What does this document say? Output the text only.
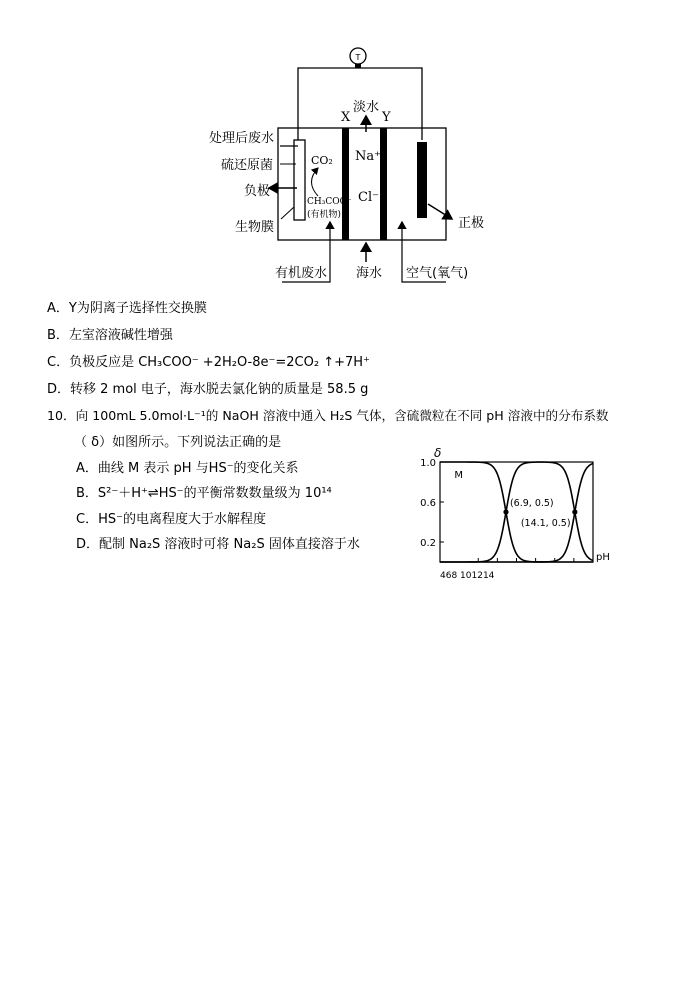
T
X Y
淡水
处理后废水
硫还原菌
负极
生物膜
CO₂
CH₃COO⁻
(有机物)
Na⁺
Cl⁻
正极
有机废水 海水 空气(氧气)
A．Y为阴离子选择性交换膜
B．左室溶液碱性增强
C．负极反应是 CH₃COO⁻ +2H₂O-8e⁻=2CO₂ ↑+7H⁺
D．转移 2 mol 电子，海水脱去氯化钠的质量是 58.5 g
10．向 100mL 5.0mol·L⁻¹的 NaOH 溶液中通入 H₂S 气体，含硫微粒在不同 pH 溶液中的分布系数
（ δ）如图所示。下列说法正确的是
A．曲线 M 表示 pH 与HS⁻的变化关系
B．S²⁻＋H⁺⇌HS⁻的平衡常数数量级为 10¹⁴
C．HS⁻的电离程度大于水解程度
D．配制 Na₂S 溶液时可将 Na₂S 固体直接溶于水
1.0
0.6
0.2
468 101214
δ
pH
M
(6.9, 0.5)
(14.1, 0.5)
